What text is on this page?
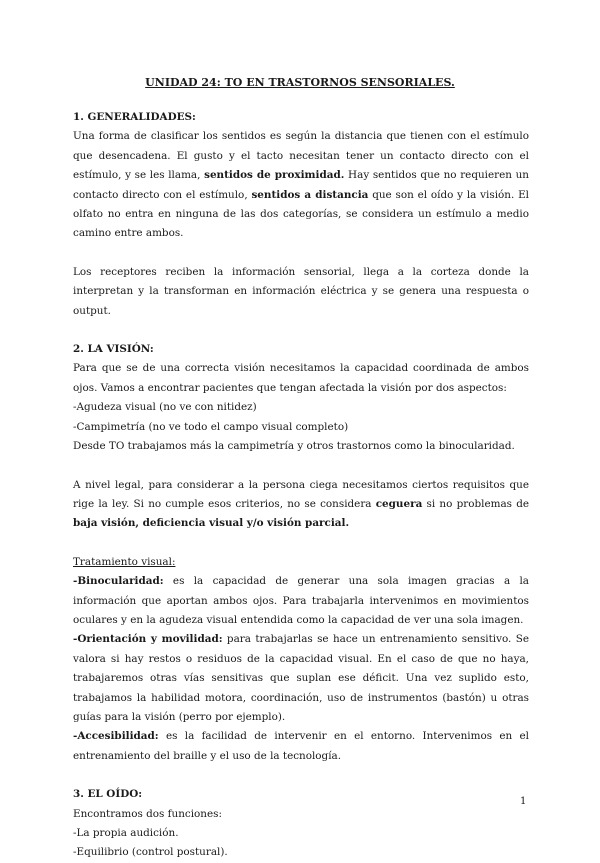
UNIDAD 24: TO EN TRASTORNOS SENSORIALES.

1. GENERALIDADES:

Una forma de clasificar los sentidos es según la distancia que tienen con el estímulo que desencadena. El gusto y el tacto necesitan tener un contacto directo con el estímulo, y se les llama, sentidos de proximidad. Hay sentidos que no requieren un contacto directo con el estímulo, sentidos a distancia que son el oído y la visión. El olfato no entra en ninguna de las dos categorías, se considera un estímulo a medio camino entre ambos.

Los receptores reciben la información sensorial, llega a la corteza donde la interpretan y la transforman en información eléctrica y se genera una respuesta o output.

2. LA VISIÓN:

Para que se de una correcta visión necesitamos la capacidad coordinada de ambos ojos. Vamos a encontrar pacientes que tengan afectada la visión por dos aspectos:

-Agudeza visual (no ve con nitidez)

-Campimetría (no ve todo el campo visual completo)

Desde TO trabajamos más la campimetría y otros trastornos como la binocularidad.

A nivel legal, para considerar a la persona ciega necesitamos ciertos requisitos que rige la ley. Si no cumple esos criterios, no se considera ceguera si no problemas de baja visión, deficiencia visual y/o visión parcial.

Tratamiento visual:

-Binocularidad: es la capacidad de generar una sola imagen gracias a la información que aportan ambos ojos. Para trabajarla intervenimos en movimientos oculares y en la agudeza visual entendida como la capacidad de ver una sola imagen.

-Orientación y movilidad: para trabajarlas se hace un entrenamiento sensitivo. Se valora si hay restos o residuos de la capacidad visual. En el caso de que no haya, trabajaremos otras vías sensitivas que suplan ese déficit. Una vez suplido esto, trabajamos la habilidad motora, coordinación, uso de instrumentos (bastón) u otras guías para la visión (perro por ejemplo).

-Accesibilidad: es la facilidad de intervenir en el entorno. Intervenimos en el entrenamiento del braille y el uso de la tecnología.

3. EL OÍDO:

Encontramos dos funciones:

-La propia audición.

-Equilibrio (control postural).

1
